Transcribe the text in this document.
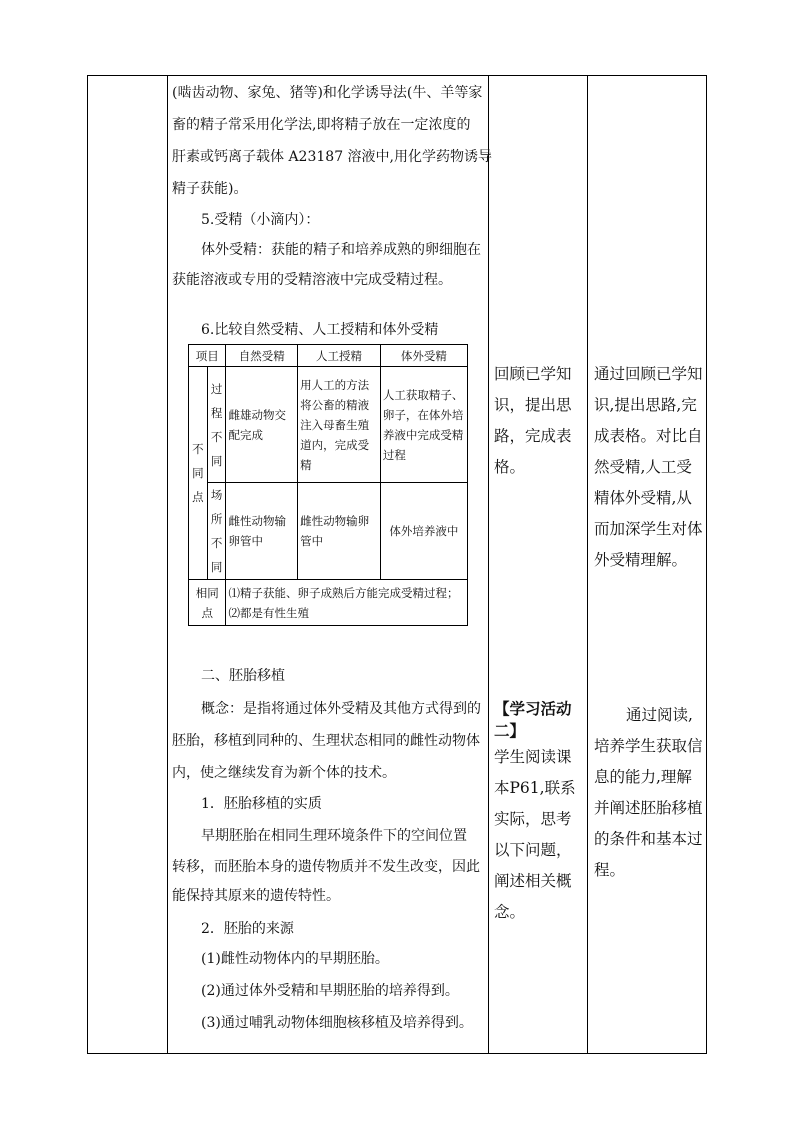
(啮齿动物、家兔、猪等)和化学诱导法(牛、羊等家
畜的精子常采用化学法,即将精子放在一定浓度的
肝素或钙离子载体 A23187 溶液中,用化学药物诱导
精子获能)。
5.受精（小滴内）：
体外受精：获能的精子和培养成熟的卵细胞在
获能溶液或专用的受精溶液中完成受精过程。
6.比较自然受精、人工授精和体外受精
项目		自然受精	人工授精	体外受精
不同点	过程不同	雌雄动物交配完成	用人工的方法将公畜的精液注入母畜生殖道内，完成受精	人工获取精子、卵子，在体外培养液中完成受精过程
	场所不同	雌性动物输卵管中	雌性动物输卵管中	体外培养液中
相同点		⑴精子获能、卵子成熟后方能完成受精过程；⑵都是有性生殖		
二、胚胎移植
概念：是指将通过体外受精及其他方式得到的
胚胎，移植到同种的、生理状态相同的雌性动物体
内，使之继续发育为新个体的技术。
1．胚胎移植的实质
早期胚胎在相同生理环境条件下的空间位置
转移，而胚胎本身的遗传物质并不发生改变，因此
能保持其原来的遗传特性。
2．胚胎的来源
(1)雌性动物体内的早期胚胎。
(2)通过体外受精和早期胚胎的培养得到。
(3)通过哺乳动物体细胞核移植及培养得到。
回顾已学知识，提出思路，完成表格。
【学习活动二】
学生阅读课本P61,联系实际，思考以下问题，阐述相关概念。
通过回顾已学知识,提出思路,完成表格。对比自然受精,人工受精体外受精,从而加深学生对体外受精理解。
通过阅读,培养学生获取信息的能力,理解并阐述胚胎移植的条件和基本过程。
